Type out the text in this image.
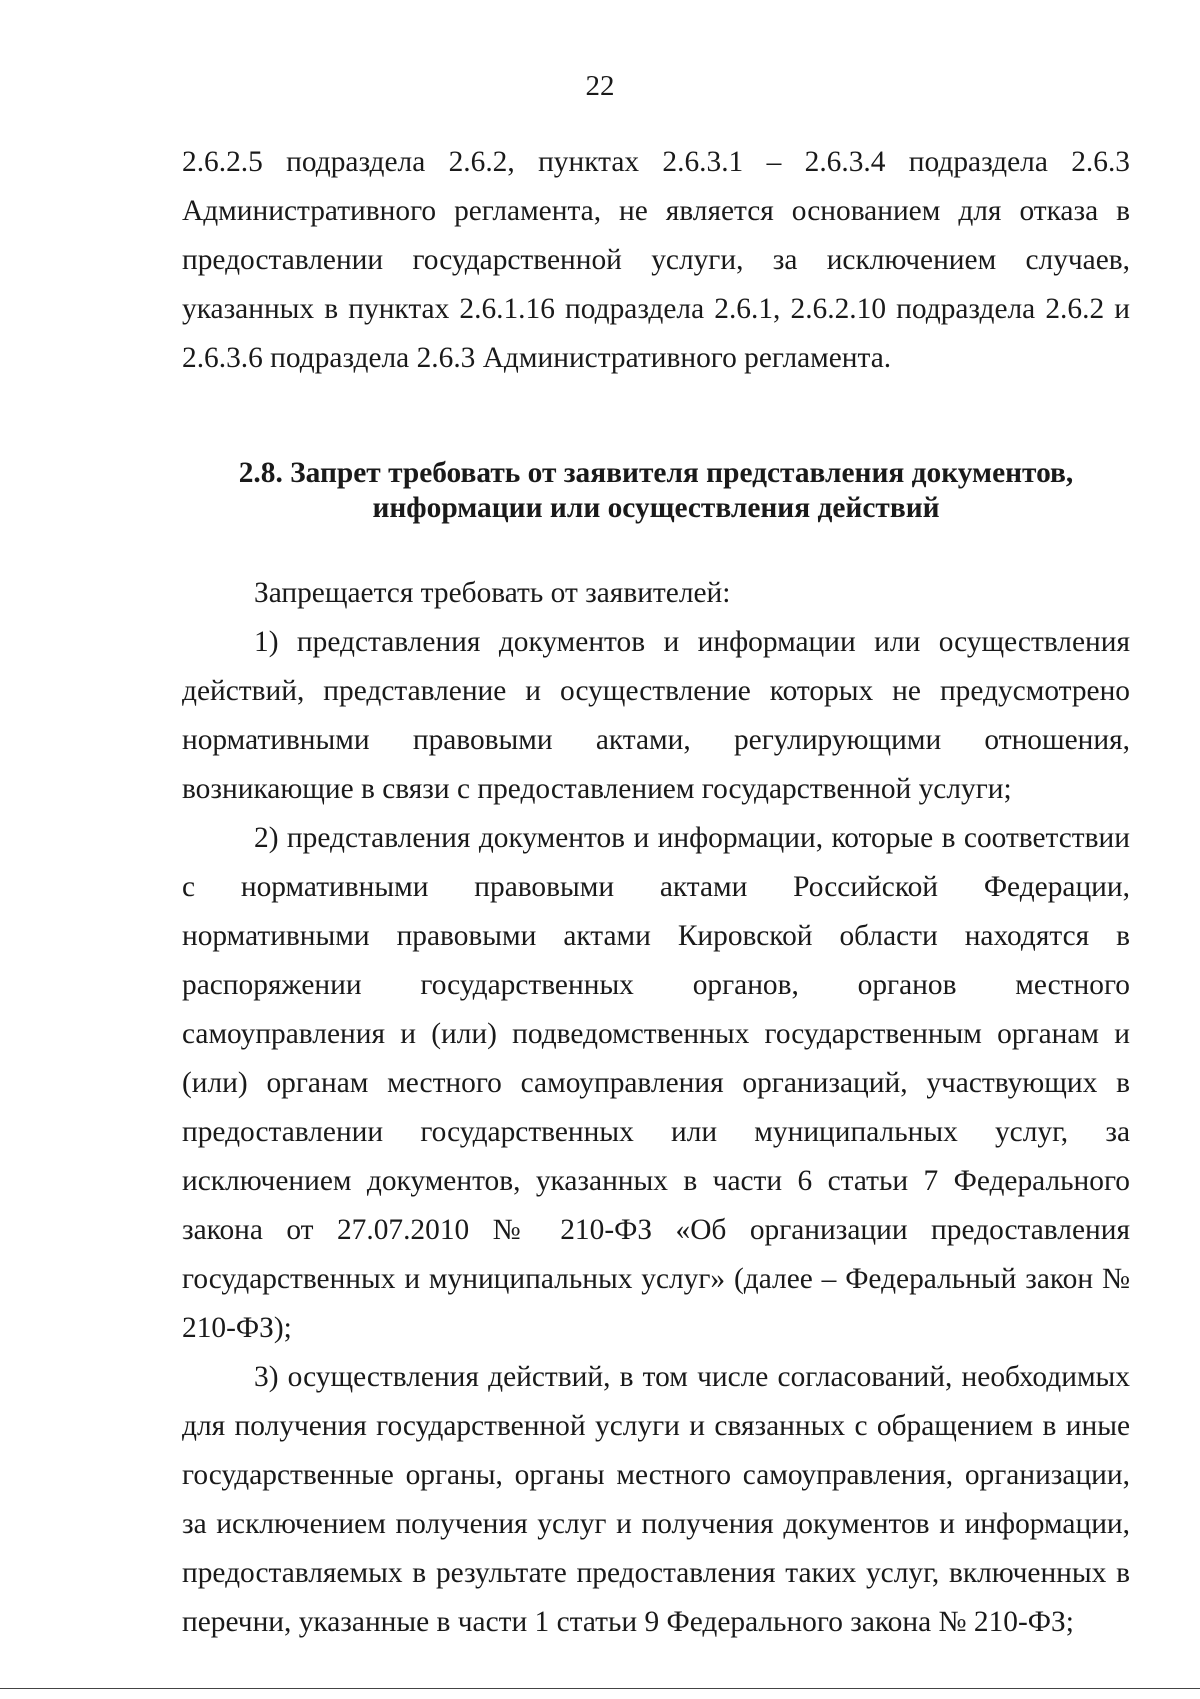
22

2.6.2.5 подраздела 2.6.2, пунктах 2.6.3.1 – 2.6.3.4 подраздела 2.6.3 Административного регламента, не является основанием для отказа в предоставлении государственной услуги, за исключением случаев, указанных в пунктах 2.6.1.16 подраздела 2.6.1, 2.6.2.10 подраздела 2.6.2 и 2.6.3.6 подраздела 2.6.3 Административного регламента.

2.8. Запрет требовать от заявителя представления документов,

информации или осуществления действий

Запрещается требовать от заявителей:

1) представления документов и информации или осуществления действий, представление и осуществление которых не предусмотрено нормативными правовыми актами, регулирующими отношения, возникающие в связи с предоставлением государственной услуги;

2) представления документов и информации, которые в соответствии с нормативными правовыми актами Российской Федерации, нормативными правовыми актами Кировской области находятся в распоряжении государственных органов, органов местного самоуправления и (или) подведомственных государственным органам и (или) органам местного самоуправления организаций, участвующих в предоставлении государственных или муниципальных услуг, за исключением документов, указанных в части 6 статьи 7 Федерального закона от 27.07.2010 № 210-ФЗ «Об организации предоставления государственных и муниципальных услуг» (далее – Федеральный закон № 210-ФЗ);

3) осуществления действий, в том числе согласований, необходимых для получения государственной услуги и связанных с обращением в иные государственные органы, органы местного самоуправления, организации, за исключением получения услуг и получения документов и информации, предоставляемых в результате предоставления таких услуг, включенных в перечни, указанные в части 1 статьи 9 Федерального закона № 210-ФЗ;
